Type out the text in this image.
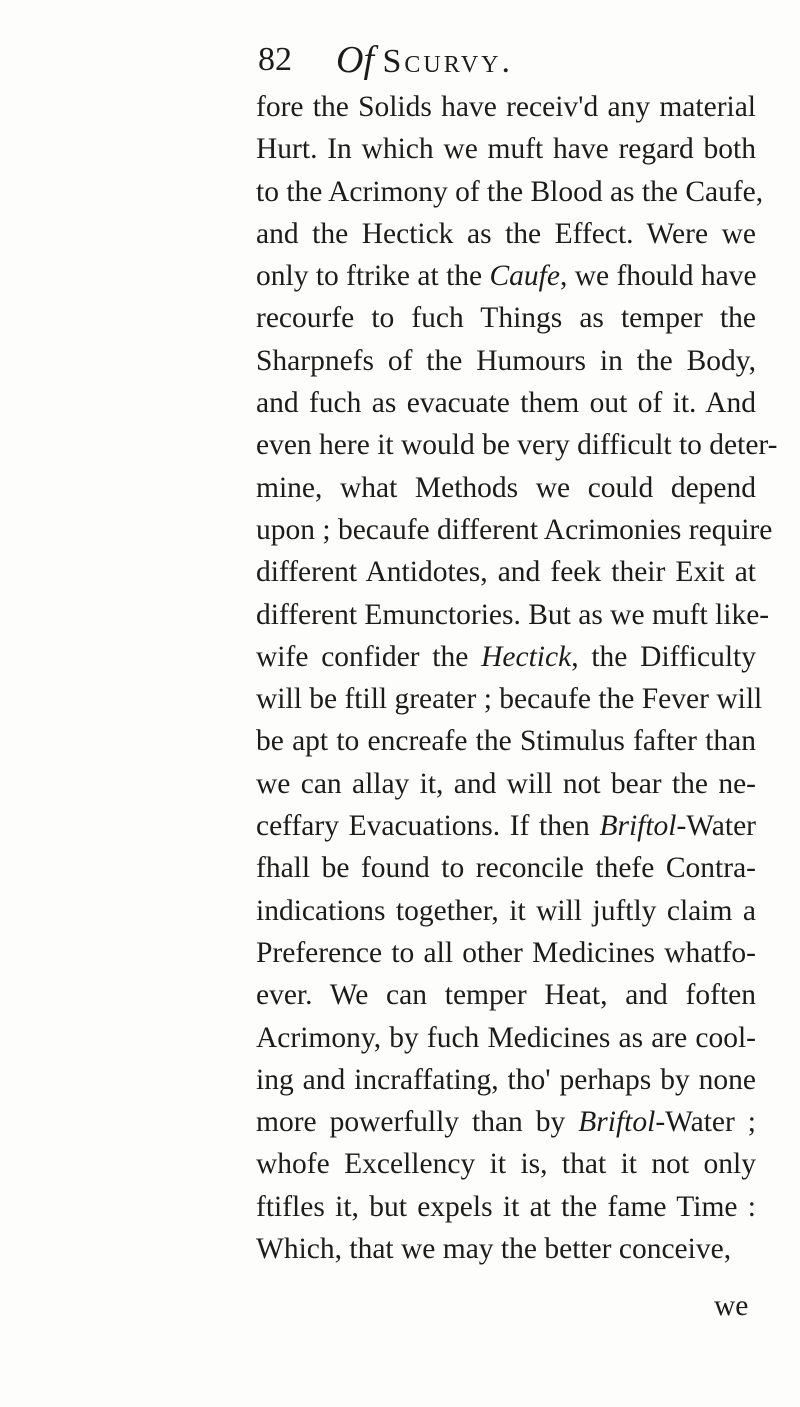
82 Of Scurvy.
fore the Solids have receiv'd any material
Hurt. In which we muft have regard both
to the Acrimony of the Blood as the Caufe,
and the Hectick as the Effect. Were we
only to ftrike at the Caufe, we fhould have
recourfe to fuch Things as temper the
Sharpnefs of the Humours in the Body,
and fuch as evacuate them out of it. And
even here it would be very difficult to deter-
mine, what Methods we could depend
upon ; becaufe different Acrimonies require
different Antidotes, and feek their Exit at
different Emunctories. But as we muft like-
wife confider the Hectick, the Difficulty
will be ftill greater ; becaufe the Fever will
be apt to encreafe the Stimulus fafter than
we can allay it, and will not bear the ne-
ceffary Evacuations. If then Briftol-Water
fhall be found to reconcile thefe Contra-
indications together, it will juftly claim a
Preference to all other Medicines whatfo-
ever. We can temper Heat, and foften
Acrimony, by fuch Medicines as are cool-
ing and incraffating, tho' perhaps by none
more powerfully than by Briftol-Water ;
whofe Excellency it is, that it not only
ftifles it, but expels it at the fame Time :
Which, that we may the better conceive,
we
